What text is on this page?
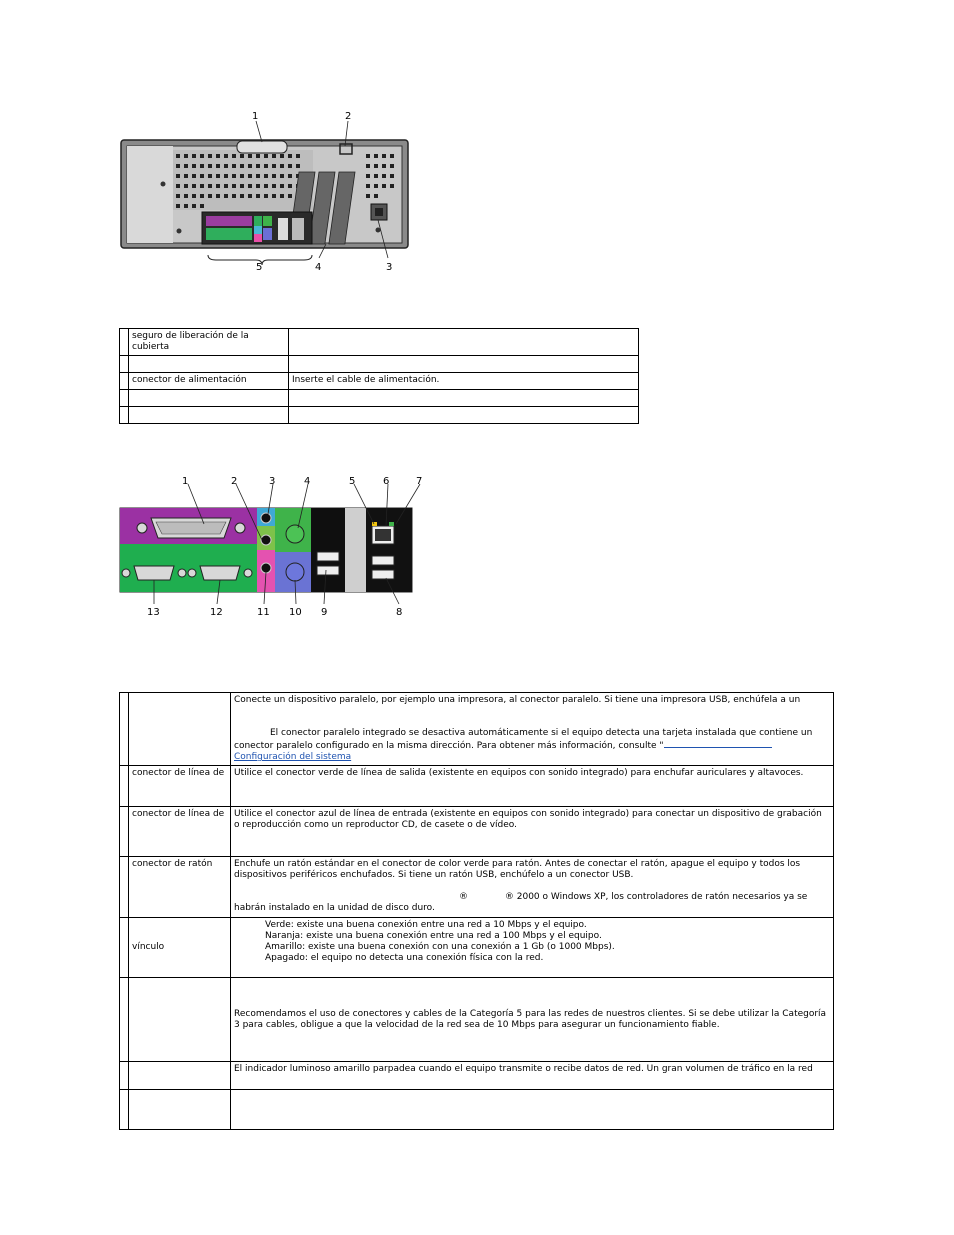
1	2
3
4
5
	seguro de liberación de la cubierta	

	conector de alimentación	Inserte el cable de alimentación.

1	2	3	4	5	6	7
8
9
10
11
12
13
		Conecte un dispositivo paralelo, por ejemplo una impresora, al conector paralelo. Si tiene una impresora USB, enchúfela a un
El conector paralelo integrado se desactiva automáticamente si el equipo detecta una tarjeta instalada que contiene un conector paralelo configurado en la misma dirección. Para obtener más información, consulte "
Configuración del sistema
	conector de línea de	Utilice el conector verde de línea de salida (existente en equipos con sonido integrado) para enchufar auriculares y altavoces.
	conector de línea de	Utilice el conector azul de línea de entrada (existente en equipos con sonido integrado) para conectar un dispositivo de grabación o reproducción como un reproductor CD, de casete o de vídeo.
	conector de ratón	Enchufe un ratón estándar en el conector de color verde para ratón. Antes de conectar el ratón, apague el equipo y todos los dispositivos periféricos enchufados. Si tiene un ratón USB, enchúfelo a un conector USB.
® ® 2000 o Windows XP, los controladores de ratón necesarios ya se
habrán instalado en la unidad de disco duro.
	vínculo	Verde: existe una buena conexión entre una red a 10 Mbps y el equipo.
Naranja: existe una buena conexión entre una red a 100 Mbps y el equipo.
Amarillo: existe una buena conexión con una conexión a 1 Gb (o 1000 Mbps).
Apagado: el equipo no detecta una conexión física con la red.

		Recomendamos el uso de conectores y cables de la Categoría 5 para las redes de nuestros clientes. Si se debe utilizar la Categoría 3 para cables, obligue a que la velocidad de la red sea de 10 Mbps para asegurar un funcionamiento fiable.
		El indicador luminoso amarillo parpadea cuando el equipo transmite o recibe datos de red. Un gran volumen de tráfico en la red
